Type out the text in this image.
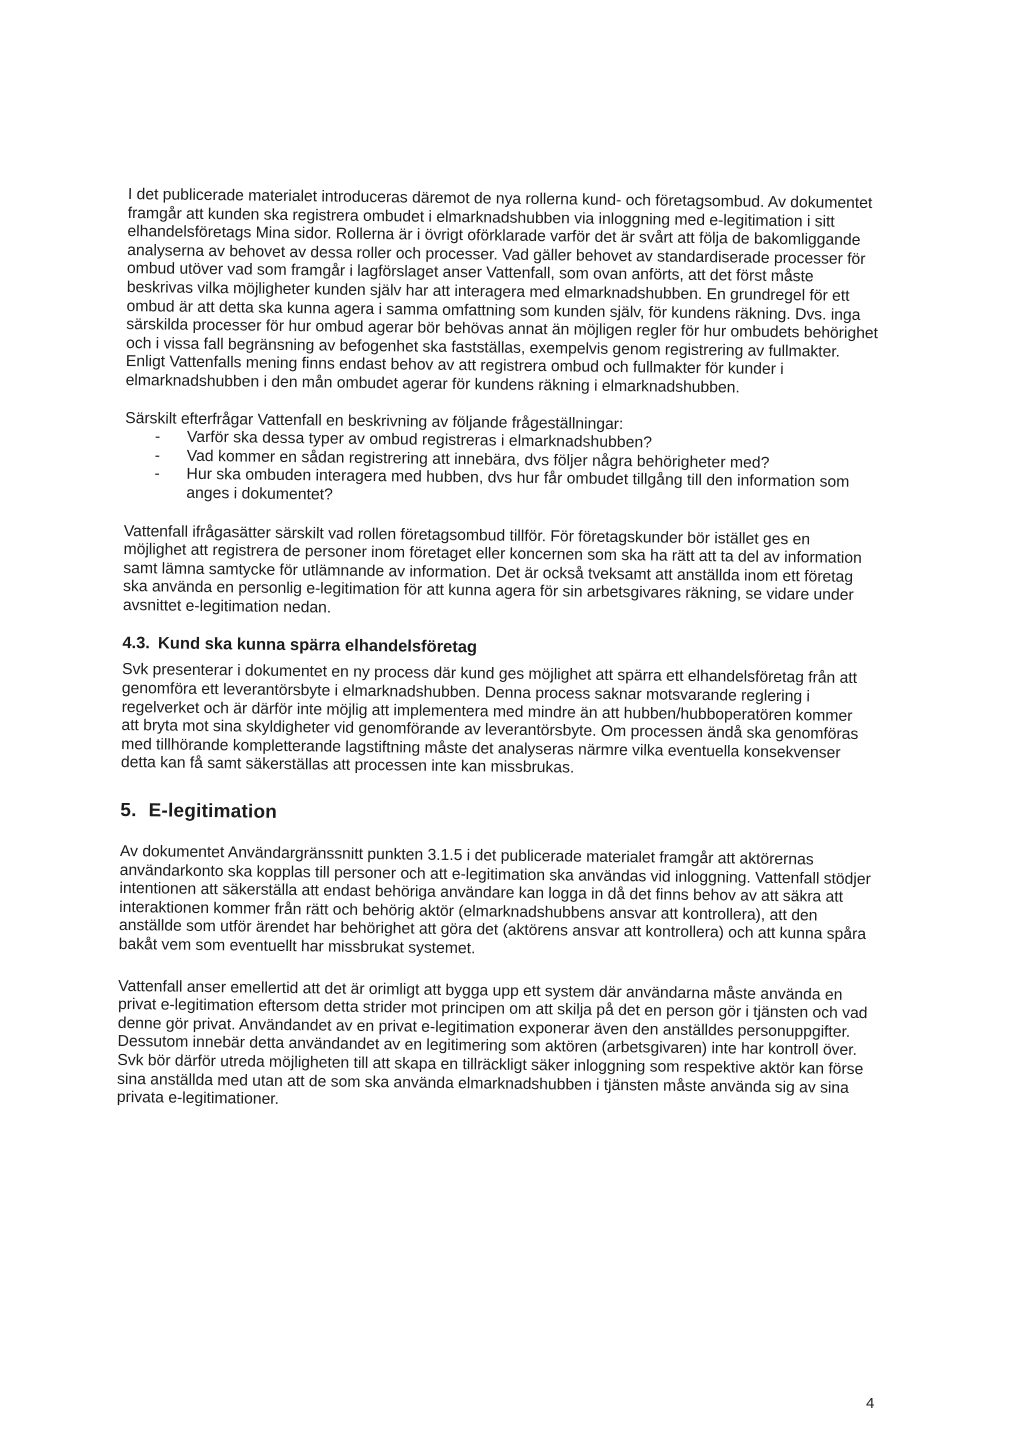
I det publicerade materialet introduceras däremot de nya rollerna kund- och företagsombud. Av dokumentet framgår att kunden ska registrera ombudet i elmarknadshubben via inloggning med e-legitimation i sitt elhandelsföretags Mina sidor. Rollerna är i övrigt oförklarade varför det är svårt att följa de bakomliggande analyserna av behovet av dessa roller och processer. Vad gäller behovet av standardiserade processer för ombud utöver vad som framgår i lagförslaget anser Vattenfall, som ovan anförts, att det först måste beskrivas vilka möjligheter kunden själv har att interagera med elmarknadshubben. En grundregel för ett ombud är att detta ska kunna agera i samma omfattning som kunden själv, för kundens räkning. Dvs. inga särskilda processer för hur ombud agerar bör behövas annat än möjligen regler för hur ombudets behörighet och i vissa fall begränsning av befogenhet ska fastställas, exempelvis genom registrering av fullmakter. Enligt Vattenfalls mening finns endast behov av att registrera ombud och fullmakter för kunder i elmarknadshubben i den mån ombudet agerar för kundens räkning i elmarknadshubben.

Särskilt efterfrågar Vattenfall en beskrivning av följande frågeställningar:

- Varför ska dessa typer av ombud registreras i elmarknadshubben?
- Vad kommer en sådan registrering att innebära, dvs följer några behörigheter med?
- Hur ska ombuden interagera med hubben, dvs hur får ombudet tillgång till den information som anges i dokumentet?

Vattenfall ifrågasätter särskilt vad rollen företagsombud tillför. För företagskunder bör istället ges en möjlighet att registrera de personer inom företaget eller koncernen som ska ha rätt att ta del av information samt lämna samtycke för utlämnande av information. Det är också tveksamt att anställda inom ett företag ska använda en personlig e-legitimation för att kunna agera för sin arbetsgivares räkning, se vidare under avsnittet e-legitimation nedan.

4.3. Kund ska kunna spärra elhandelsföretag

Svk presenterar i dokumentet en ny process där kund ges möjlighet att spärra ett elhandelsföretag från att genomföra ett leverantörsbyte i elmarknadshubben. Denna process saknar motsvarande reglering i regelverket och är därför inte möjlig att implementera med mindre än att hubben/hubboperatören kommer att bryta mot sina skyldigheter vid genomförande av leverantörsbyte. Om processen ändå ska genomföras med tillhörande kompletterande lagstiftning måste det analyseras närmre vilka eventuella konsekvenser detta kan få samt säkerställas att processen inte kan missbrukas.

5. E-legitimation

Av dokumentet Användargränssnitt punkten 3.1.5 i det publicerade materialet framgår att aktörernas användarkonto ska kopplas till personer och att e-legitimation ska användas vid inloggning. Vattenfall stödjer intentionen att säkerställa att endast behöriga användare kan logga in då det finns behov av att säkra att interaktionen kommer från rätt och behörig aktör (elmarknadshubbens ansvar att kontrollera), att den anställde som utför ärendet har behörighet att göra det (aktörens ansvar att kontrollera) och att kunna spåra bakåt vem som eventuellt har missbrukat systemet.

Vattenfall anser emellertid att det är orimligt att bygga upp ett system där användarna måste använda en privat e-legitimation eftersom detta strider mot principen om att skilja på det en person gör i tjänsten och vad denne gör privat. Användandet av en privat e-legitimation exponerar även den anställdes personuppgifter. Dessutom innebär detta användandet av en legitimering som aktören (arbetsgivaren) inte har kontroll över. Svk bör därför utreda möjligheten till att skapa en tillräckligt säker inloggning som respektive aktör kan förse sina anställda med utan att de som ska använda elmarknadshubben i tjänsten måste använda sig av sina privata e-legitimationer.

4
